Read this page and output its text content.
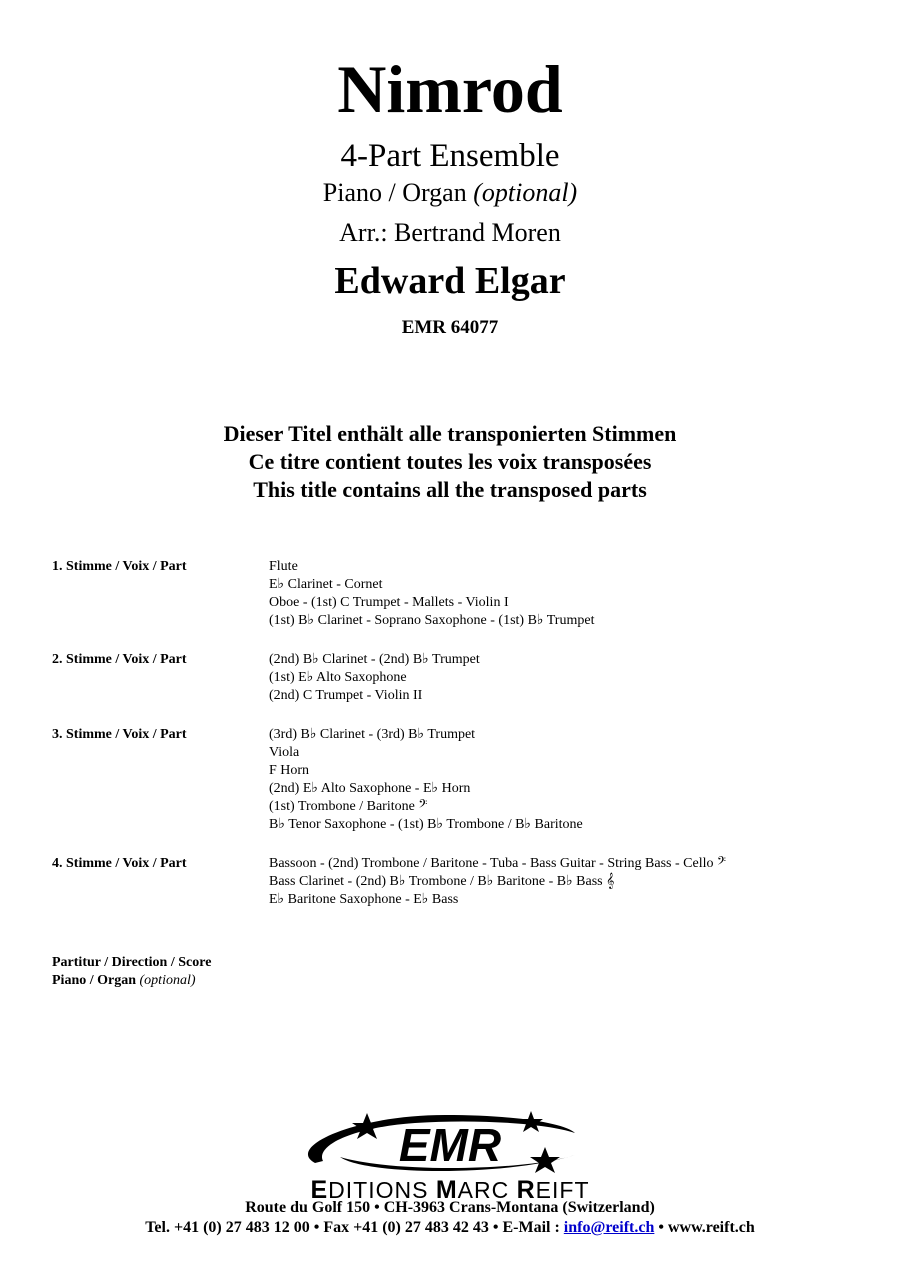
Nimrod
4-Part Ensemble
Piano / Organ (optional)
Arr.: Bertrand Moren
Edward Elgar
EMR 64077
Dieser Titel enthält alle transponierten Stimmen
Ce titre contient toutes les voix transposées
This title contains all the transposed parts
1. Stimme / Voix / Part	Flute
E♭ Clarinet - Cornet
Oboe - (1st) C Trumpet - Mallets - Violin I
(1st) B♭ Clarinet - Soprano Saxophone - (1st) B♭ Trumpet
2. Stimme / Voix / Part	(2nd) B♭ Clarinet - (2nd) B♭ Trumpet
(1st) E♭ Alto Saxophone
(2nd) C Trumpet - Violin II
3. Stimme / Voix / Part	(3rd) B♭ Clarinet - (3rd) B♭ Trumpet
Viola
F Horn
(2nd) E♭ Alto Saxophone - E♭ Horn
(1st) Trombone / Baritone 𝄢
B♭ Tenor Saxophone - (1st) B♭ Trombone / B♭ Baritone
4. Stimme / Voix / Part	Bassoon - (2nd) Trombone / Baritone - Tuba - Bass Guitar - String Bass - Cello 𝄢
Bass Clarinet - (2nd) B♭ Trombone / B♭ Baritone - B♭ Bass 𝄞
E♭ Baritone Saxophone - E♭ Bass
Partitur / Direction / Score
Piano / Organ (optional)
EMR
EDITIONS MARC REIFT
Route du Golf 150 • CH-3963 Crans-Montana (Switzerland)
Tel. +41 (0) 27 483 12 00 • Fax +41 (0) 27 483 42 43 • E-Mail : info@reift.ch • www.reift.ch
